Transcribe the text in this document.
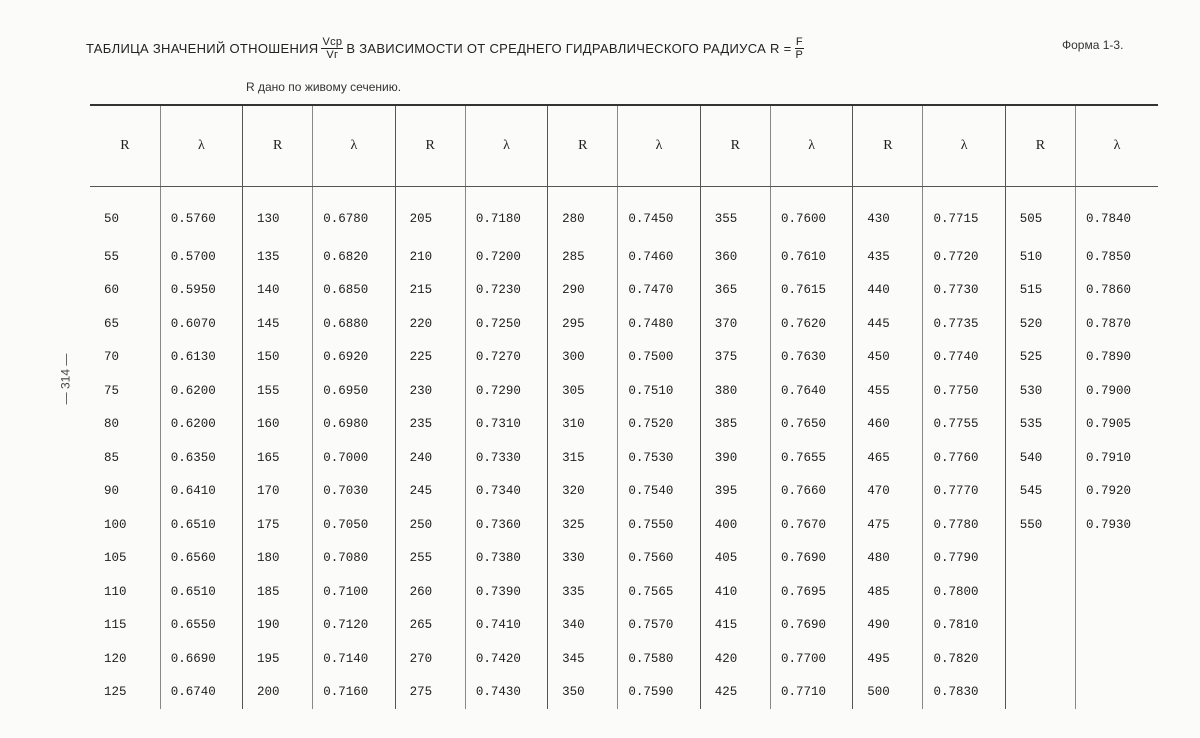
ТАБЛИЦА ЗНАЧЕНИЙ ОТНОШЕНИЯ $\frac{\text{Vср}}{Vг}$ В ЗАВИСИМОСТИ ОТ СРЕДНЕГО ГИДРАВЛИЧЕСКОГО РАДИУСА $R = \frac{F}{P}$	Форма 1-3.
R дано по живому сечению.
— 314 —
R	λ	R	λ	R	λ	R	λ	R	λ	R	λ	R	λ
50	0.5760	130	0.6780	205	0.7180	280	0.7450	355	0.7600	430	0.7715	505	0.7840
55	0.5700	135	0.6820	210	0.7200	285	0.7460	360	0.7610	435	0.7720	510	0.7850
60	0.5950	140	0.6850	215	0.7230	290	0.7470	365	0.7615	440	0.7730	515	0.7860
65	0.6070	145	0.6880	220	0.7250	295	0.7480	370	0.7620	445	0.7735	520	0.7870
70	0.6130	150	0.6920	225	0.7270	300	0.7500	375	0.7630	450	0.7740	525	0.7890
75	0.6200	155	0.6950	230	0.7290	305	0.7510	380	0.7640	455	0.7750	530	0.7900
80	0.6200	160	0.6980	235	0.7310	310	0.7520	385	0.7650	460	0.7755	535	0.7905
85	0.6350	165	0.7000	240	0.7330	315	0.7530	390	0.7655	465	0.7760	540	0.7910
90	0.6410	170	0.7030	245	0.7340	320	0.7540	395	0.7660	470	0.7770	545	0.7920
100	0.6510	175	0.7050	250	0.7360	325	0.7550	400	0.7670	475	0.7780	550	0.7930
105	0.6560	180	0.7080	255	0.7380	330	0.7560	405	0.7690	480	0.7790		
110	0.6510	185	0.7100	260	0.7390	335	0.7565	410	0.7695	485	0.7800		
115	0.6550	190	0.7120	265	0.7410	340	0.7570	415	0.7690	490	0.7810		
120	0.6690	195	0.7140	270	0.7420	345	0.7580	420	0.7700	495	0.7820		
125	0.6740	200	0.7160	275	0.7430	350	0.7590	425	0.7710	500	0.7830		
